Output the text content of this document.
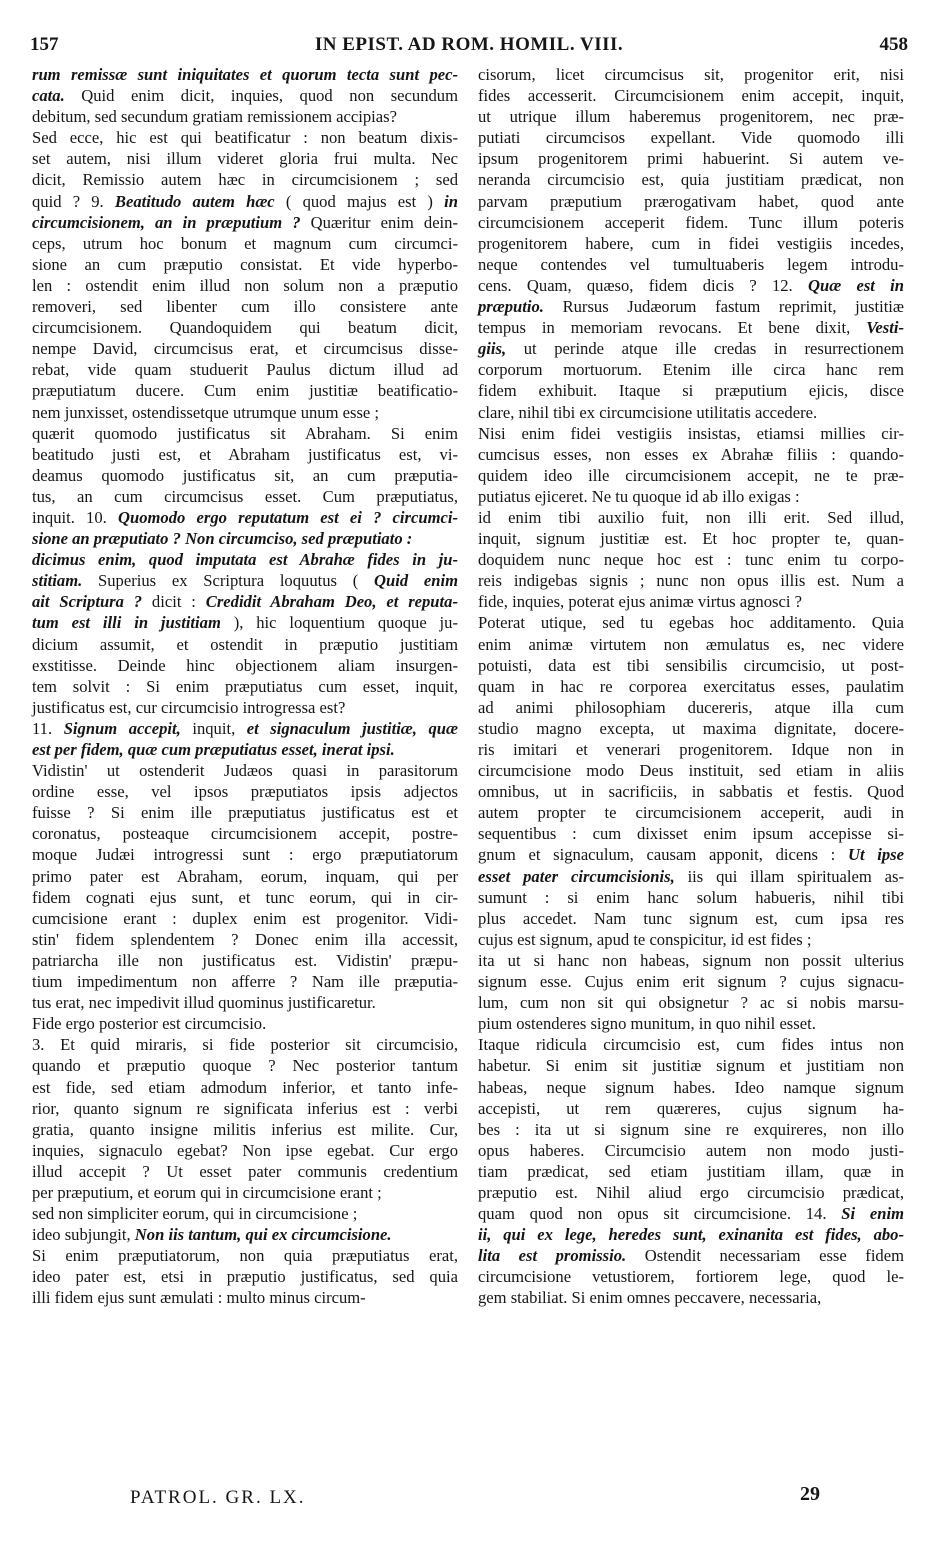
157	IN EPIST. AD ROM. HOMIL. VIII.	458
rum remissæ sunt iniquitates et quorum tecta sunt pec-
cata. Quid enim dicit, inquies, quod non secundum
debitum, sed secundum gratiam remissionem accipias?
Sed ecce, hic est qui beatificatur : non beatum dixis-
set autem, nisi illum videret gloria frui multa. Nec
dicit, Remissio autem hæc in circumcisionem ; sed
quid ? 9. Beatitudo autem hæc ( quod majus est ) in
circumcisionem, an in præputium ? Quæritur enim dein-
ceps, utrum hoc bonum et magnum cum circumci-
sione an cum præputio consistat. Et vide hyperbo-
len : ostendit enim illud non solum non a præputio
removeri, sed libenter cum illo consistere ante
circumcisionem. Quandoquidem qui beatum dicit,
nempe David, circumcisus erat, et circumcisus disse-
rebat, vide quam studuerit Paulus dictum illud ad
præputiatum ducere. Cum enim justitiæ beatificatio-
nem junxisset, ostendissetque utrumque unum esse ;
quærit quomodo justificatus sit Abraham. Si enim
beatitudo justi est, et Abraham justificatus est, vi-
deamus quomodo justificatus sit, an cum præputia-
tus, an cum circumcisus esset. Cum præputiatus,
inquit. 10. Quomodo ergo reputatum est ei ? circumci-
sione an præputiato ? Non circumciso, sed præputiato :
dicimus enim, quod imputata est Abrahæ fides in ju-
stitiam. Superius ex Scriptura loquutus ( Quid enim
ait Scriptura ? dicit : Credidit Abraham Deo, et reputa-
tum est illi in justitiam ), hic loquentium quoque ju-
dicium assumit, et ostendit in præputio justitiam
exstitisse. Deinde hinc objectionem aliam insurgen-
tem solvit : Si enim præputiatus cum esset, inquit,
justificatus est, cur circumcisio introgressa est?
11. Signum accepit, inquit, et signaculum justitiæ, quæ
est per fidem, quæ cum præputiatus esset, inerat ipsi.
Vidistin' ut ostenderit Judæos quasi in parasitorum
ordine esse, vel ipsos præputiatos ipsis adjectos
fuisse ? Si enim ille præputiatus justificatus est et
coronatus, posteaque circumcisionem accepit, postre-
moque Judæi introgressi sunt : ergo præputiatorum
primo pater est Abraham, eorum, inquam, qui per
fidem cognati ejus sunt, et tunc eorum, qui in cir-
cumcisione erant : duplex enim est progenitor. Vidi-
stin' fidem splendentem ? Donec enim illa accessit,
patriarcha ille non justificatus est. Vidistin' præpu-
tium impedimentum non afferre ? Nam ille præputia-
tus erat, nec impedivit illud quominus justificaretur.
Fide ergo posterior est circumcisio.
3. Et quid miraris, si fide posterior sit circumcisio,
quando et præputio quoque ? Nec posterior tantum
est fide, sed etiam admodum inferior, et tanto infe-
rior, quanto signum re significata inferius est : verbi
gratia, quanto insigne militis inferius est milite. Cur,
inquies, signaculo egebat? Non ipse egebat. Cur ergo
illud accepit ? Ut esset pater communis credentium
per præputium, et eorum qui in circumcisione erant ;
sed non simpliciter eorum, qui in circumcisione ;
ideo subjungit, Non iis tantum, qui ex circumcisione.
Si enim præputiatorum, non quia præputiatus erat,
ideo pater est, etsi in præputio justificatus, sed quia
illi fidem ejus sunt æmulati : multo minus circum-
cisorum, licet circumcisus sit, progenitor erit, nisi
fides accesserit. Circumcisionem enim accepit, inquit,
ut utrique illum haberemus progenitorem, nec præ-
putiati circumcisos expellant. Vide quomodo illi
ipsum progenitorem primi habuerint. Si autem ve-
neranda circumcisio est, quia justitiam prædicat, non
parvam præputium prærogativam habet, quod ante
circumcisionem acceperit fidem. Tunc illum poteris
progenitorem habere, cum in fidei vestigiis incedes,
neque contendes vel tumultuaberis legem introdu-
cens. Quam, quæso, fidem dicis ? 12. Quæ est in
præputio. Rursus Judæorum fastum reprimit, justitiæ
tempus in memoriam revocans. Et bene dixit, Vesti-
giis, ut perinde atque ille credas in resurrectionem
corporum mortuorum. Etenim ille circa hanc rem
fidem exhibuit. Itaque si præputium ejicis, disce
clare, nihil tibi ex circumcisione utilitatis accedere.
Nisi enim fidei vestigiis insistas, etiamsi millies cir-
cumcisus esses, non esses ex Abrahæ filiis : quando-
quidem ideo ille circumcisionem accepit, ne te præ-
putiatus ejiceret. Ne tu quoque id ab illo exigas :
id enim tibi auxilio fuit, non illi erit. Sed illud,
inquit, signum justitiæ est. Et hoc propter te, quan-
doquidem nunc neque hoc est : tunc enim tu corpo-
reis indigebas signis ; nunc non opus illis est. Num a
fide, inquies, poterat ejus animæ virtus agnosci ?
Poterat utique, sed tu egebas hoc additamento. Quia
enim animæ virtutem non æmulatus es, nec videre
potuisti, data est tibi sensibilis circumcisio, ut post-
quam in hac re corporea exercitatus esses, paulatim
ad animi philosophiam ducereris, atque illa cum
studio magno excepta, ut maxima dignitate, docere-
ris imitari et venerari progenitorem. Idque non in
circumcisione modo Deus instituit, sed etiam in aliis
omnibus, ut in sacrificiis, in sabbatis et festis. Quod
autem propter te circumcisionem acceperit, audi in
sequentibus : cum dixisset enim ipsum accepisse si-
gnum et signaculum, causam apponit, dicens : Ut ipse
esset pater circumcisionis, iis qui illam spiritualem as-
sumunt : si enim hanc solum habueris, nihil tibi
plus accedet. Nam tunc signum est, cum ipsa res
cujus est signum, apud te conspicitur, id est fides ;
ita ut si hanc non habeas, signum non possit ulterius
signum esse. Cujus enim erit signum ? cujus signacu-
lum, cum non sit qui obsignetur ? ac si nobis marsu-
pium ostenderes signo munitum, in quo nihil esset.
Itaque ridicula circumcisio est, cum fides intus non
habetur. Si enim sit justitiæ signum et justitiam non
habeas, neque signum habes. Ideo namque signum
accepisti, ut rem quæreres, cujus signum ha-
bes : ita ut si signum sine re exquireres, non illo
opus haberes. Circumcisio autem non modo justi-
tiam prædicat, sed etiam justitiam illam, quæ in
præputio est. Nihil aliud ergo circumcisio prædicat,
quam quod non opus sit circumcisione. 14. Si enim
ii, qui ex lege, heredes sunt, exinanita est fides, abo-
lita est promissio. Ostendit necessariam esse fidem
circumcisione vetustiorem, fortiorem lege, quod le-
gem stabiliat. Si enim omnes peccavere, necessaria,
PATROL. GR. LX.	29
